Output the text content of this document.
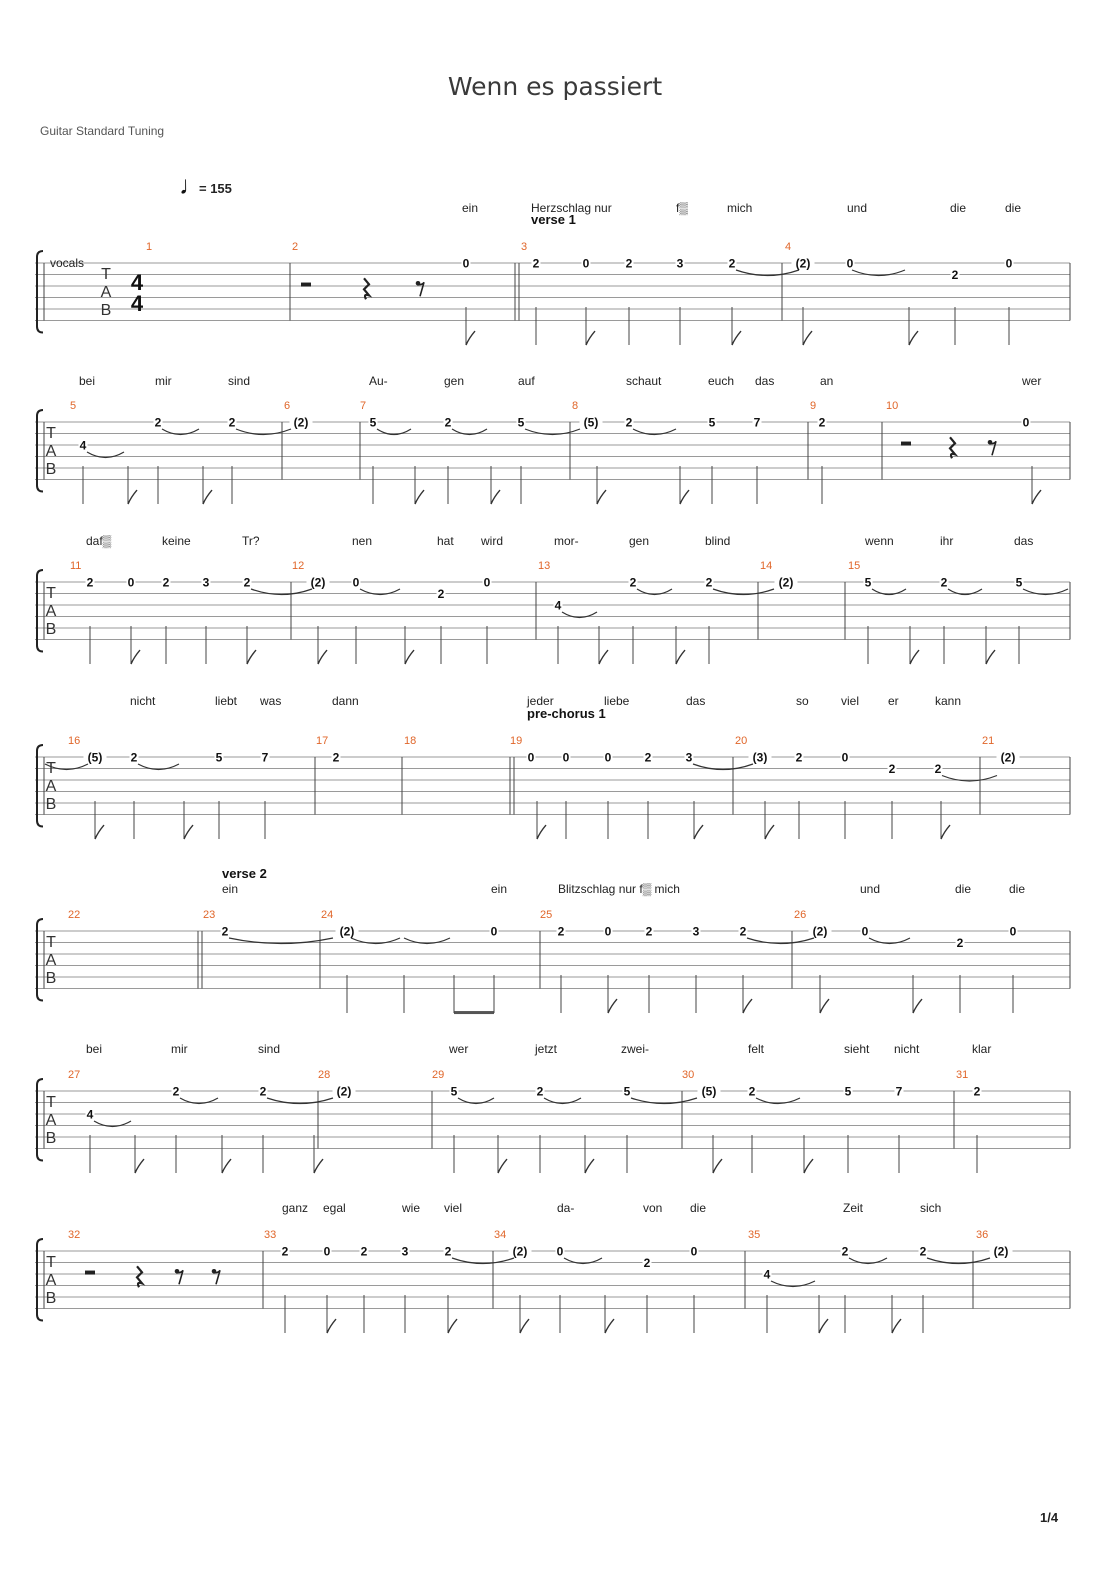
Wenn es passiert
Guitar Standard Tuning
1/4
T
A
B
vocals
4
4
♩
= 155
1	2	3	4
0	2	0	2	3	2	(2)	0
2
0
ein	Herzschlag nur	f▒	mich	und	die	die
verse 1
T
A
B
5	6	7	8	9	10
4
2	2	(2)	5	2	5	(5) 2	5	7	2	0
bei	mir	sind	Au-	gen	auf	schaut	euch das	an	wer
T
A
B
11	12	13	14	15
2	0 2	3	2	(2) 0
2
0
4
2	2	(2)	5	2	5
daf▒	keine	Tr?	nen	hat wird	mor-	gen	blind	wenn	ihr	das
T
A
B
16	17	18	19	20	21
(5) 2	5	7	2	0 0	0	2	3	(3) 2	0
2	2
(2)
nicht	liebt was	dann	jeder	liebe	das	so	viel er	kann
pre-chorus 1
T
A
B
22	23	24	25	26
2	(2)	0	2	0	2	3	2	(2)	0
2
0
ein	ein	Blitzschlag nur f▒ mich	und	die	die
verse 2
T
A
B
27	28	29	30	31
4
2	2	(2)	5	2	5	(5)	2	5	7	2
bei	mir	sind	wer	jetzt	zwei-	felt	sieht nicht	klar
T
A
B
32	33	34	35	36
2	0	2	3	2	(2) 0
2
0
4
2	2	(2)
ganz egal	wie viel	da-	von die	Zeit	sich
